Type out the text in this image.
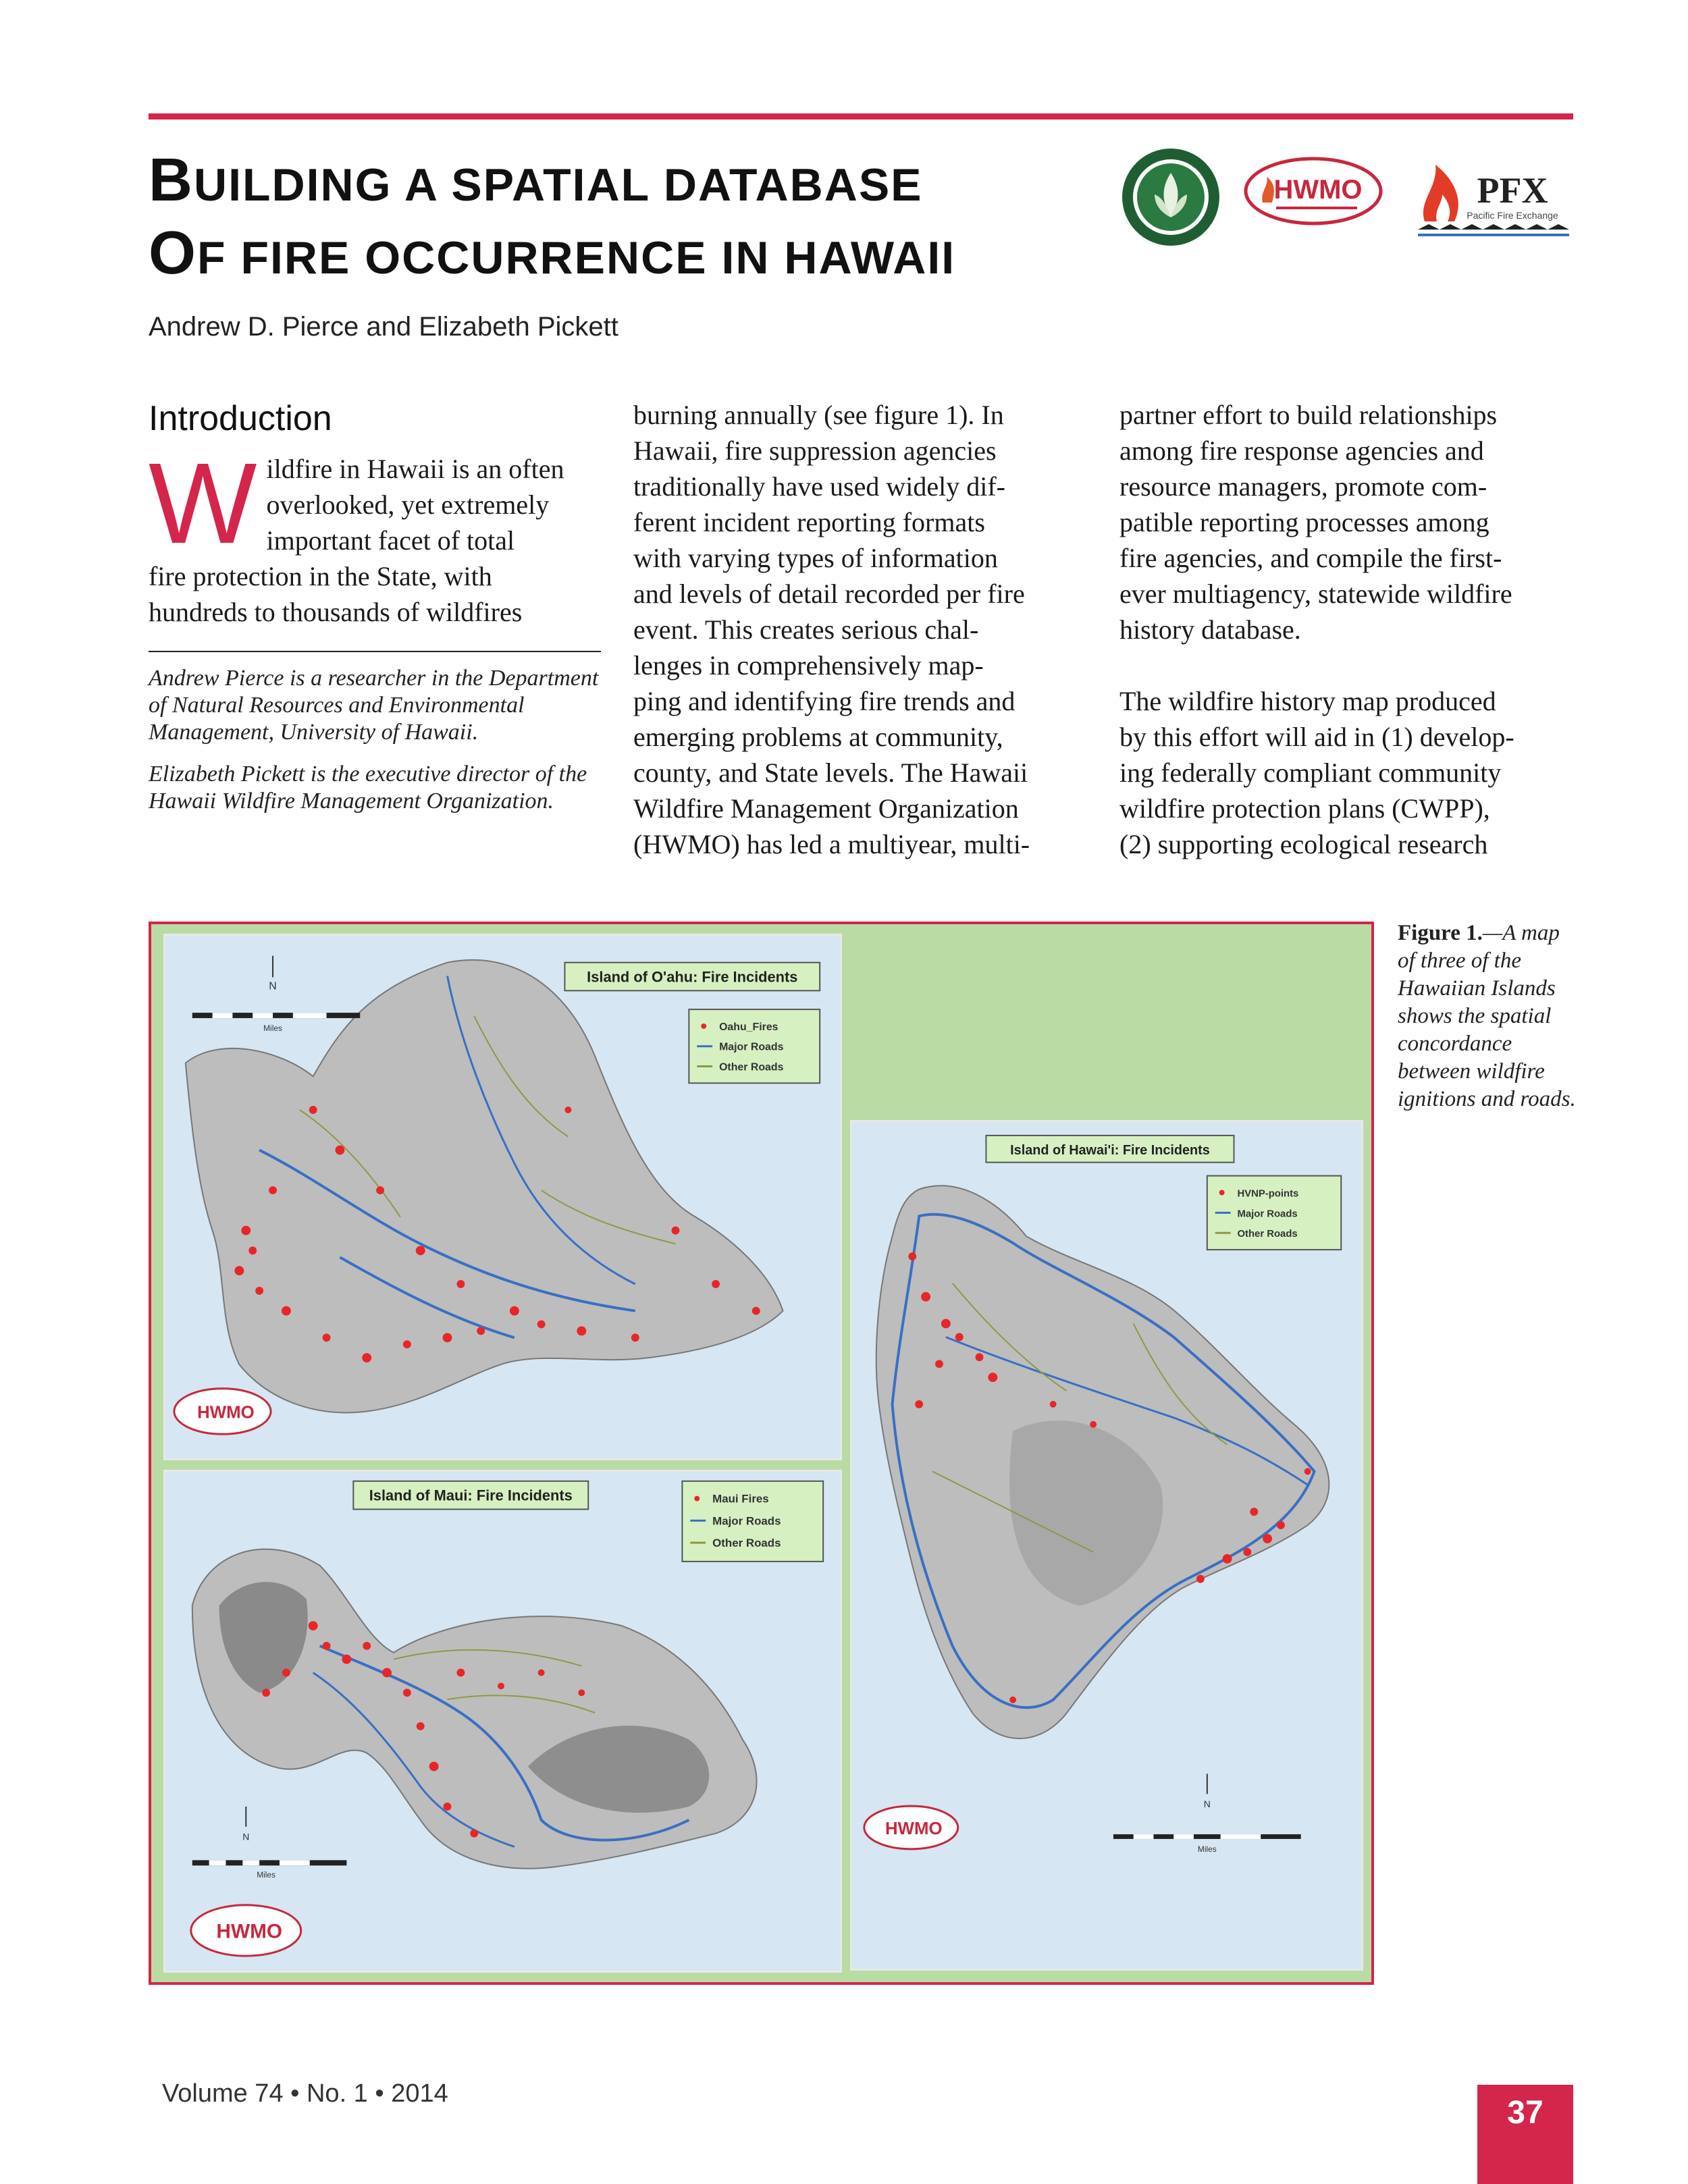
BUILDING A SPATIAL DATABASE
OF FIRE OCCURRENCE IN HAWAII
Andrew D. Pierce and Elizabeth Pickett
HWMO	PFX
Pacific Fire Exchange
Introduction
W ildfire in Hawaii is an often
overlooked, yet extremely
important facet of total
fire protection in the State, with
hundreds to thousands of wildfires

Andrew Pierce is a researcher in the Department of Natural Resources and Environmental Management, University of Hawaii.

Elizabeth Pickett is the executive director of the Hawaii Wildfire Management Organization.

burning annually (see figure 1). In
Hawaii, fire suppression agencies
traditionally have used widely dif-
ferent incident reporting formats
with varying types of information
and levels of detail recorded per fire
event. This creates serious chal-
lenges in comprehensively map-
ping and identifying fire trends and
emerging problems at community,
county, and State levels. The Hawaii
Wildfire Management Organization
(HWMO) has led a multiyear, multi-
partner effort to build relationships
among fire response agencies and
resource managers, promote com-
patible reporting processes among
fire agencies, and compile the first-
ever multiagency, statewide wildfire
history database.
The wildfire history map produced
by this effort will aid in (1) develop-
ing federally compliant community
wildfire protection plans (CWPP),
(2) supporting ecological research
Island of O'ahu: Fire Incidents
Oahu_Fires
Major Roads
Other Roads
N
Miles
HWMO
Island of Maui: Fire Incidents	Maui Fires
Major Roads
Other Roads
N
Miles
HWMO
Island of Hawai'i: Fire Incidents
HVNP-points
Major Roads
Other Roads
N
Miles
HWMO
Figure 1.—A map of three of the Hawaiian Islands shows the spatial concordance between wildfire ignitions and roads.
Volume 74 • No. 1 • 2014
37
